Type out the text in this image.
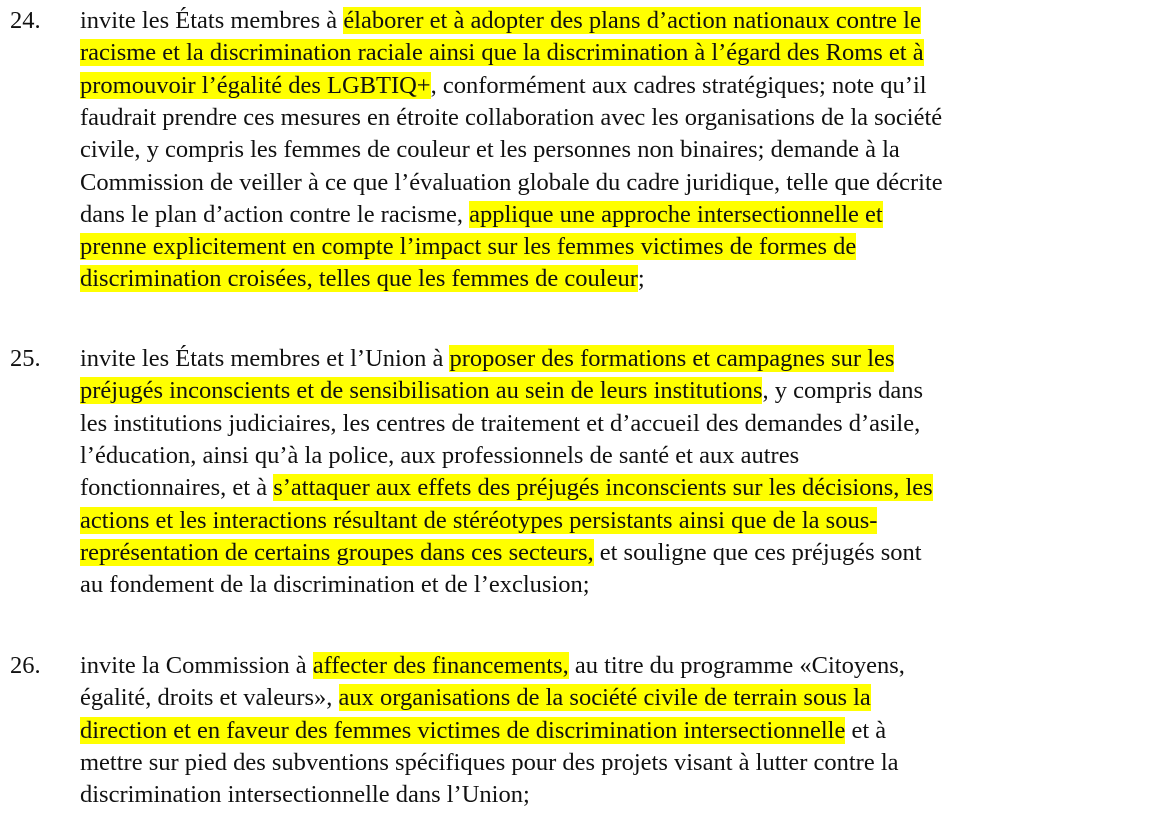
24. invite les États membres à élaborer et à adopter des plans d’action nationaux contre le
racisme et la discrimination raciale ainsi que la discrimination à l’égard des Roms et à
promouvoir l’égalité des LGBTIQ+, conformément aux cadres stratégiques; note qu’il
faudrait prendre ces mesures en étroite collaboration avec les organisations de la société
civile, y compris les femmes de couleur et les personnes non binaires; demande à la
Commission de veiller à ce que l’évaluation globale du cadre juridique, telle que décrite
dans le plan d’action contre le racisme, applique une approche intersectionnelle et
prenne explicitement en compte l’impact sur les femmes victimes de formes de
discrimination croisées, telles que les femmes de couleur;
25. invite les États membres et l’Union à proposer des formations et campagnes sur les
préjugés inconscients et de sensibilisation au sein de leurs institutions, y compris dans
les institutions judiciaires, les centres de traitement et d’accueil des demandes d’asile,
l’éducation, ainsi qu’à la police, aux professionnels de santé et aux autres
fonctionnaires, et à s’attaquer aux effets des préjugés inconscients sur les décisions, les
actions et les interactions résultant de stéréotypes persistants ainsi que de la sous-
représentation de certains groupes dans ces secteurs, et souligne que ces préjugés sont
au fondement de la discrimination et de l’exclusion;
26. invite la Commission à affecter des financements, au titre du programme «Citoyens,
égalité, droits et valeurs», aux organisations de la société civile de terrain sous la
direction et en faveur des femmes victimes de discrimination intersectionnelle et à
mettre sur pied des subventions spécifiques pour des projets visant à lutter contre la
discrimination intersectionnelle dans l’Union;
